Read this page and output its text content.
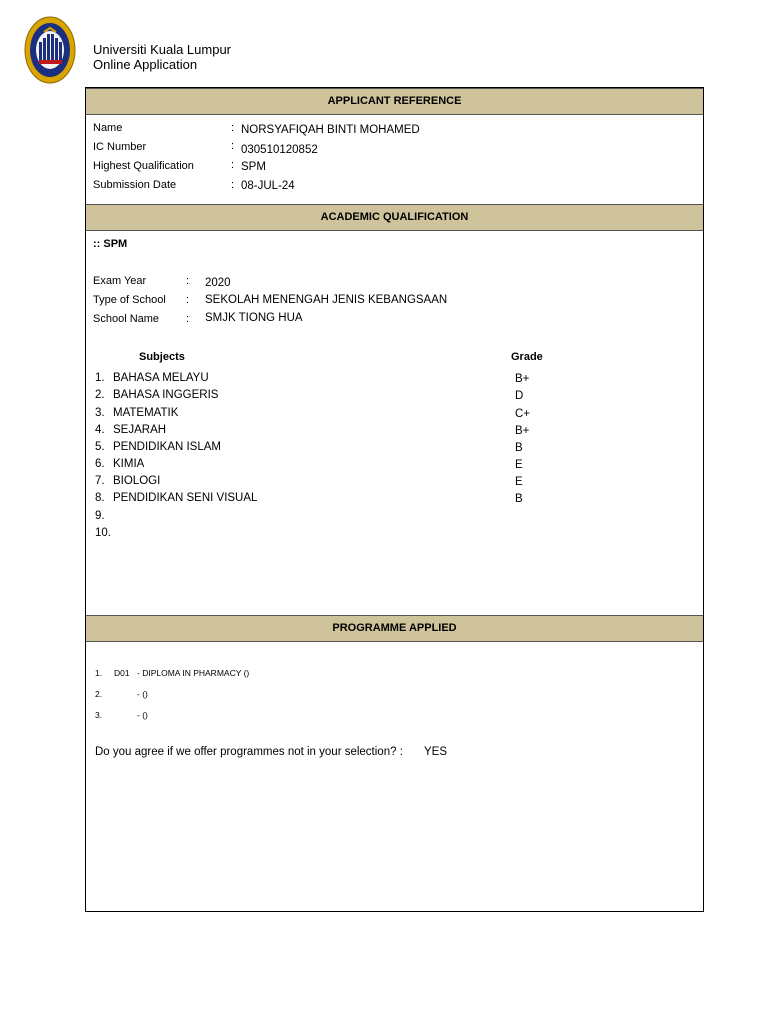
Universiti Kuala Lumpur
Online Application
APPLICANT REFERENCE
Name	: NORSYAFIQAH BINTI MOHAMED
IC Number	: 030510120852
Highest Qualification	: SPM
Submission Date	: 08-JUL-24
ACADEMIC QUALIFICATION
:: SPM
Exam Year	: 2020
Type of School : SEKOLAH MENENGAH JENIS KEBANGSAAN
School Name : SMJK TIONG HUA
Subjects	Grade
1. BAHASA MELAYU	B+
2. BAHASA INGGERIS	D
3. MATEMATIK	C+
4. SEJARAH	B+
5. PENDIDIKAN ISLAM	B
6. KIMIA	E
7. BIOLOGI	E
8. PENDIDIKAN SENI VISUAL	B
9.
10.
PROGRAMME APPLIED
1. D01 - DIPLOMA IN PHARMACY ()
2.	- ()
3.	- ()
Do you agree if we offer programmes not in your selection? : YES
